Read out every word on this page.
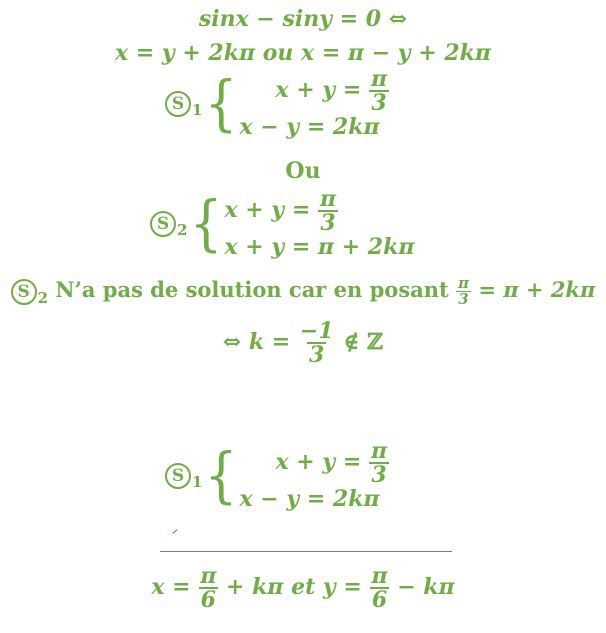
sinx − siny = 0 ⇔
x = y + 2kπ ou x = π − y + 2kπ
S 1 { $x + y = \frac{\pi}{3}$
x − y = 2kπ
Ou
S 2 { $x + y = \frac{\pi}{3}$
x + y = π + 2kπ
S $_2$ N’a pas de solution car en posant $\frac{\pi}{3} = \pi + 2k\pi$
⇔ $k = \frac{-1}{3}$ ∉ ℤ
S 1 { $x + y = \frac{\pi}{3}$
x − y = 2kπ
$x = \frac{\pi}{6} + k\pi$ et $y = \frac{\pi}{6} - k\pi$
